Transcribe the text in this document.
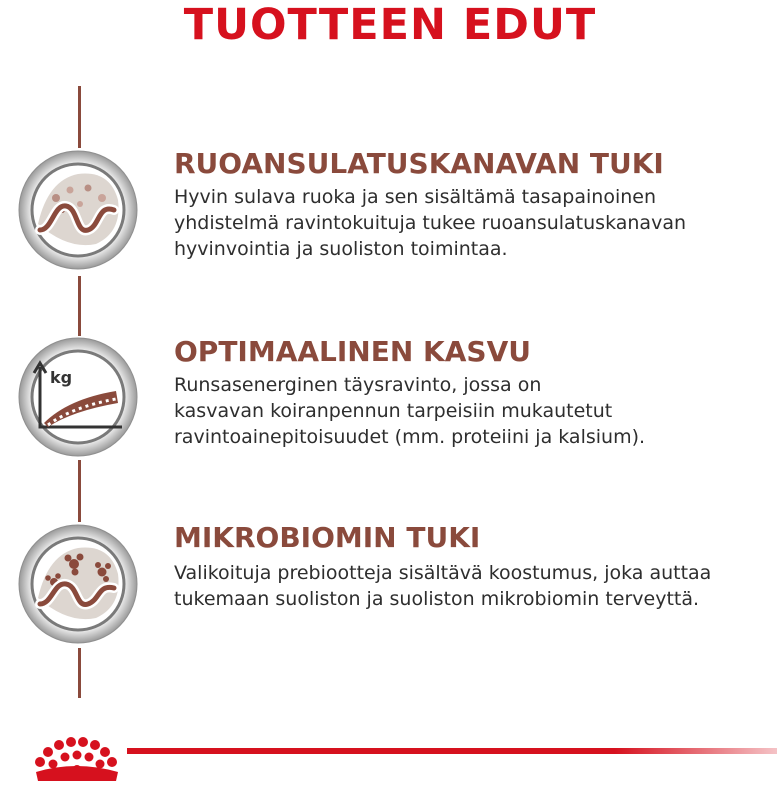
TUOTTEEN EDUT
RUOANSULATUSKANAVAN TUKI
Hyvin sulava ruoka ja sen sisältämä tasapainoinen
yhdistelmä ravintokuituja tukee ruoansulatuskanavan
hyvinvointia ja suoliston toimintaa.
kg
OPTIMAALINEN KASVU
Runsasenerginen täysravinto, jossa on
kasvavan koiranpennun tarpeisiin mukautetut
ravintoainepitoisuudet (mm. proteiini ja kalsium).
MIKROBIOMIN TUKI
Valikoituja prebiootteja sisältävä koostumus, joka auttaa
tukemaan suoliston ja suoliston mikrobiomin terveyttä.
